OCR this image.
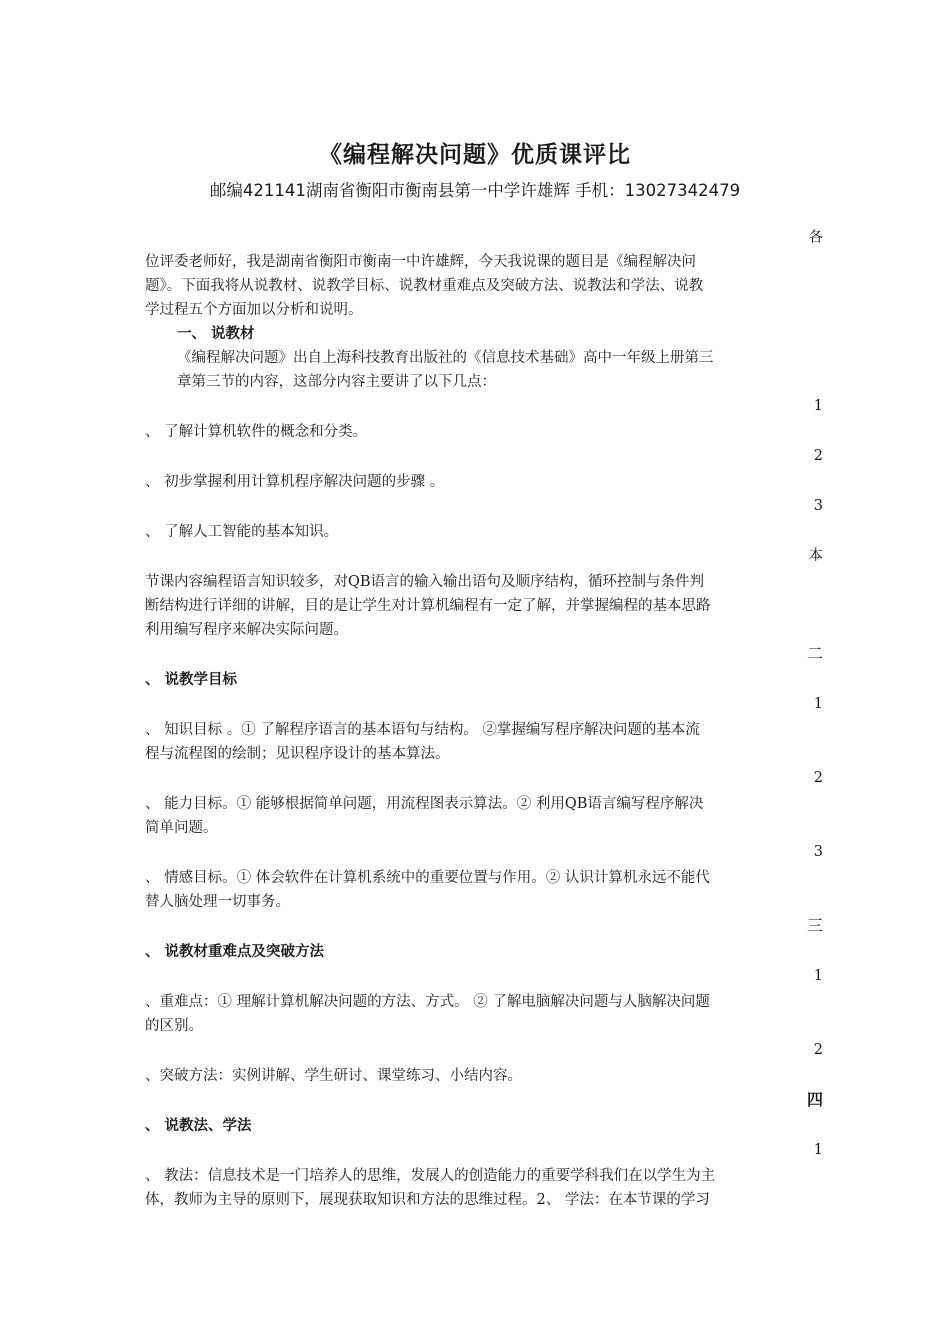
《编程解决问题》优质课评比
邮编421141湖南省衡阳市衡南县第一中学许雄辉 手机：13027342479
各
位评委老师好，我是湖南省衡阳市衡南一中许雄辉，今天我说课的题目是《编程解决问
题》。下面我将从说教材、说教学目标、说教材重难点及突破方法、说教法和学法、说教
学过程五个方面加以分析和说明。
一、 说教材
《编程解决问题》出自上海科技教育出版社的《信息技术基础》高中一年级上册第三
章第三节的内容，这部分内容主要讲了以下几点：
1
、 了解计算机软件的概念和分类。
2
、 初步掌握利用计算机程序解决问题的步骤 。
3
、 了解人工智能的基本知识。
本
节课内容编程语言知识较多，对QB语言的输入输出语句及顺序结构，循环控制与条件判
断结构进行详细的讲解，目的是让学生对计算机编程有一定了解，并掌握编程的基本思路
利用编写程序来解决实际问题。
二
、 说教学目标
1
、 知识目标 。① 了解程序语言的基本语句与结构。 ②掌握编写程序解决问题的基本流
程与流程图的绘制；见识程序设计的基本算法。
2
、 能力目标。① 能够根据简单问题，用流程图表示算法。② 利用QB语言编写程序解决
简单问题。
3
、 情感目标。① 体会软件在计算机系统中的重要位置与作用。② 认识计算机永远不能代
替人脑处理一切事务。
三
、 说教材重难点及突破方法
1
、重难点：① 理解计算机解决问题的方法、方式。 ② 了解电脑解决问题与人脑解决问题
的区别。
2
、突破方法：实例讲解、学生研讨、课堂练习、小结内容。
四
、 说教法、学法
1
、 教法：信息技术是一门培养人的思维，发展人的创造能力的重要学科我们在以学生为主
体，教师为主导的原则下，展现获取知识和方法的思维过程。2、 学法：在本节课的学习
